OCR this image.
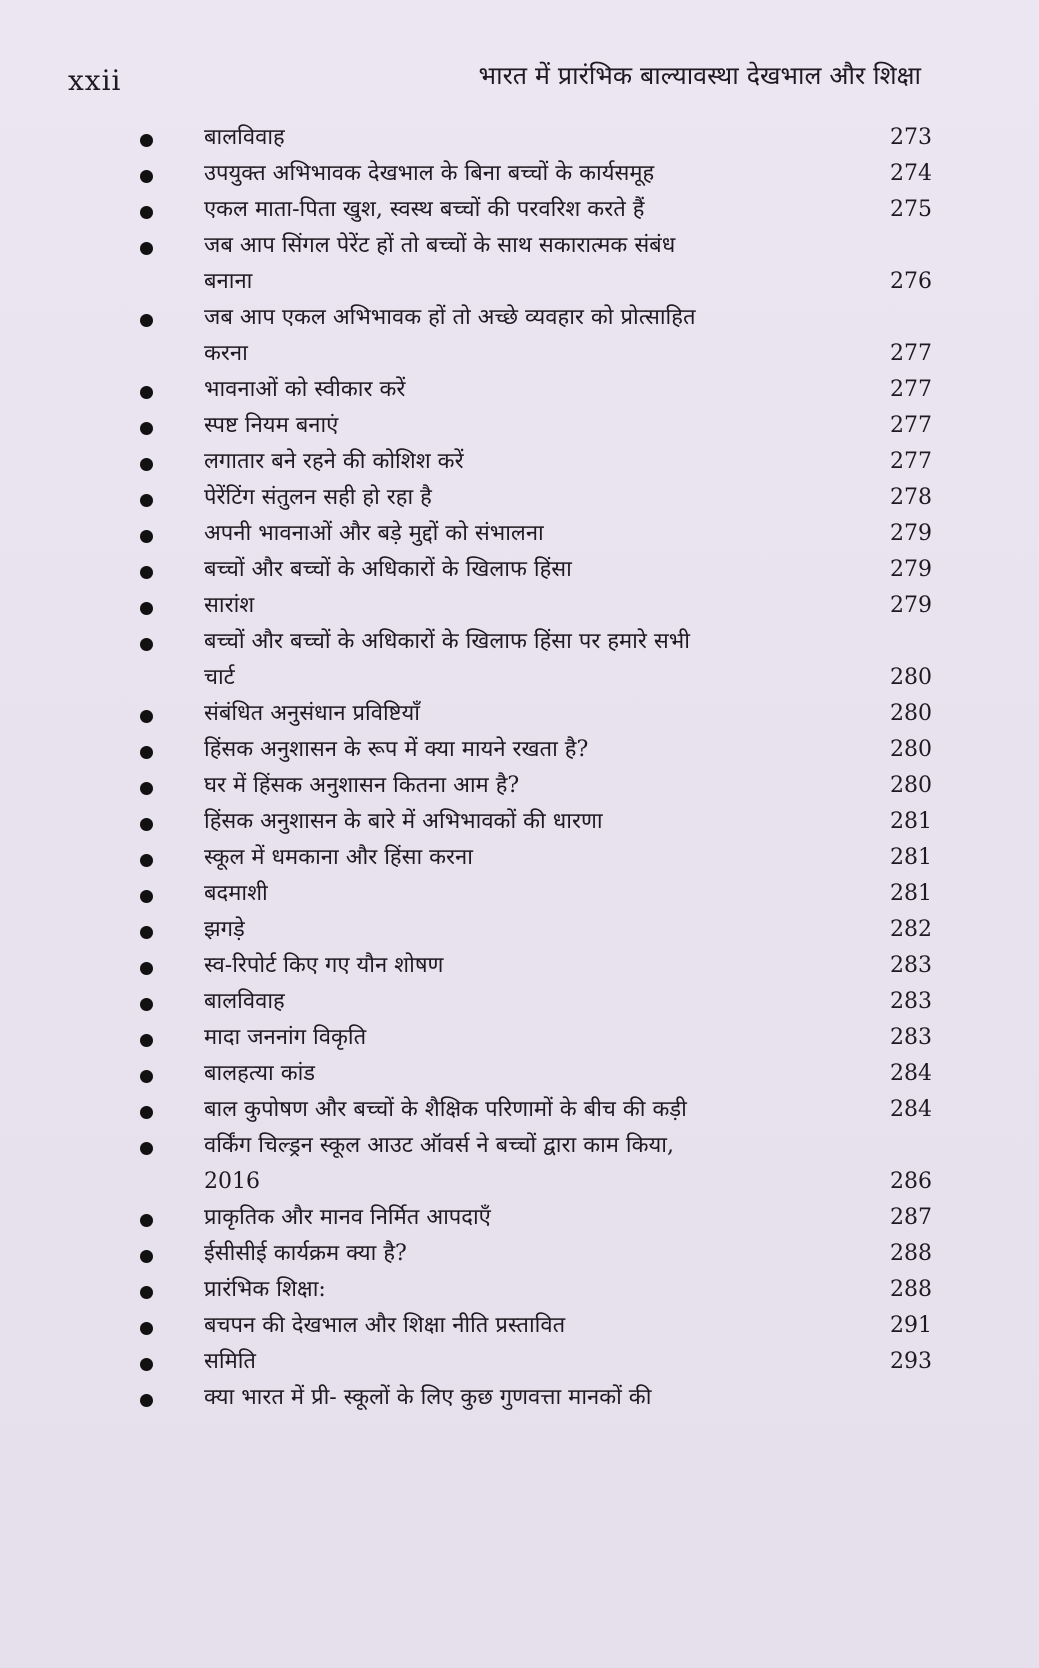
xxii	भारत में प्रारंभिक बाल्यावस्था देखभाल और शिक्षा
बालविवाह	273
उपयुक्त अभिभावक देखभाल के बिना बच्चों के कार्यसमूह	274
एकल माता-पिता खुश, स्वस्थ बच्चों की परवरिश करते हैं	275
जब आप सिंगल पेरेंट हों तो बच्चों के साथ सकारात्मक संबंध
बनाना	276
जब आप एकल अभिभावक हों तो अच्छे व्यवहार को प्रोत्साहित
करना	277
भावनाओं को स्वीकार करें	277
स्पष्ट नियम बनाएं	277
लगातार बने रहने की कोशिश करें	277
पेरेंटिंग संतुलन सही हो रहा है	278
अपनी भावनाओं और बड़े मुद्दों को संभालना	279
बच्चों और बच्चों के अधिकारों के खिलाफ हिंसा	279
सारांश	279
बच्चों और बच्चों के अधिकारों के खिलाफ हिंसा पर हमारे सभी
चार्ट	280
संबंधित अनुसंधान प्रविष्टियाँ	280
हिंसक अनुशासन के रूप में क्या मायने रखता है?	280
घर में हिंसक अनुशासन कितना आम है?	280
हिंसक अनुशासन के बारे में अभिभावकों की धारणा	281
स्कूल में धमकाना और हिंसा करना	281
बदमाशी	281
झगड़े	282
स्व-रिपोर्ट किए गए यौन शोषण	283
बालविवाह	283
मादा जननांग विकृति	283
बालहत्या कांड	284
बाल कुपोषण और बच्चों के शैक्षिक परिणामों के बीच की कड़ी	284
वर्किंग चिल्ड्रन स्कूल आउट ऑवर्स ने बच्चों द्वारा काम किया,
2016	286
प्राकृतिक और मानव निर्मित आपदाएँ	287
ईसीसीई कार्यक्रम क्या है?	288
प्रारंभिक शिक्षा:	288
बचपन की देखभाल और शिक्षा नीति प्रस्तावित	291
समिति	293
क्या भारत में प्री- स्कूलों के लिए कुछ गुणवत्ता मानकों की
